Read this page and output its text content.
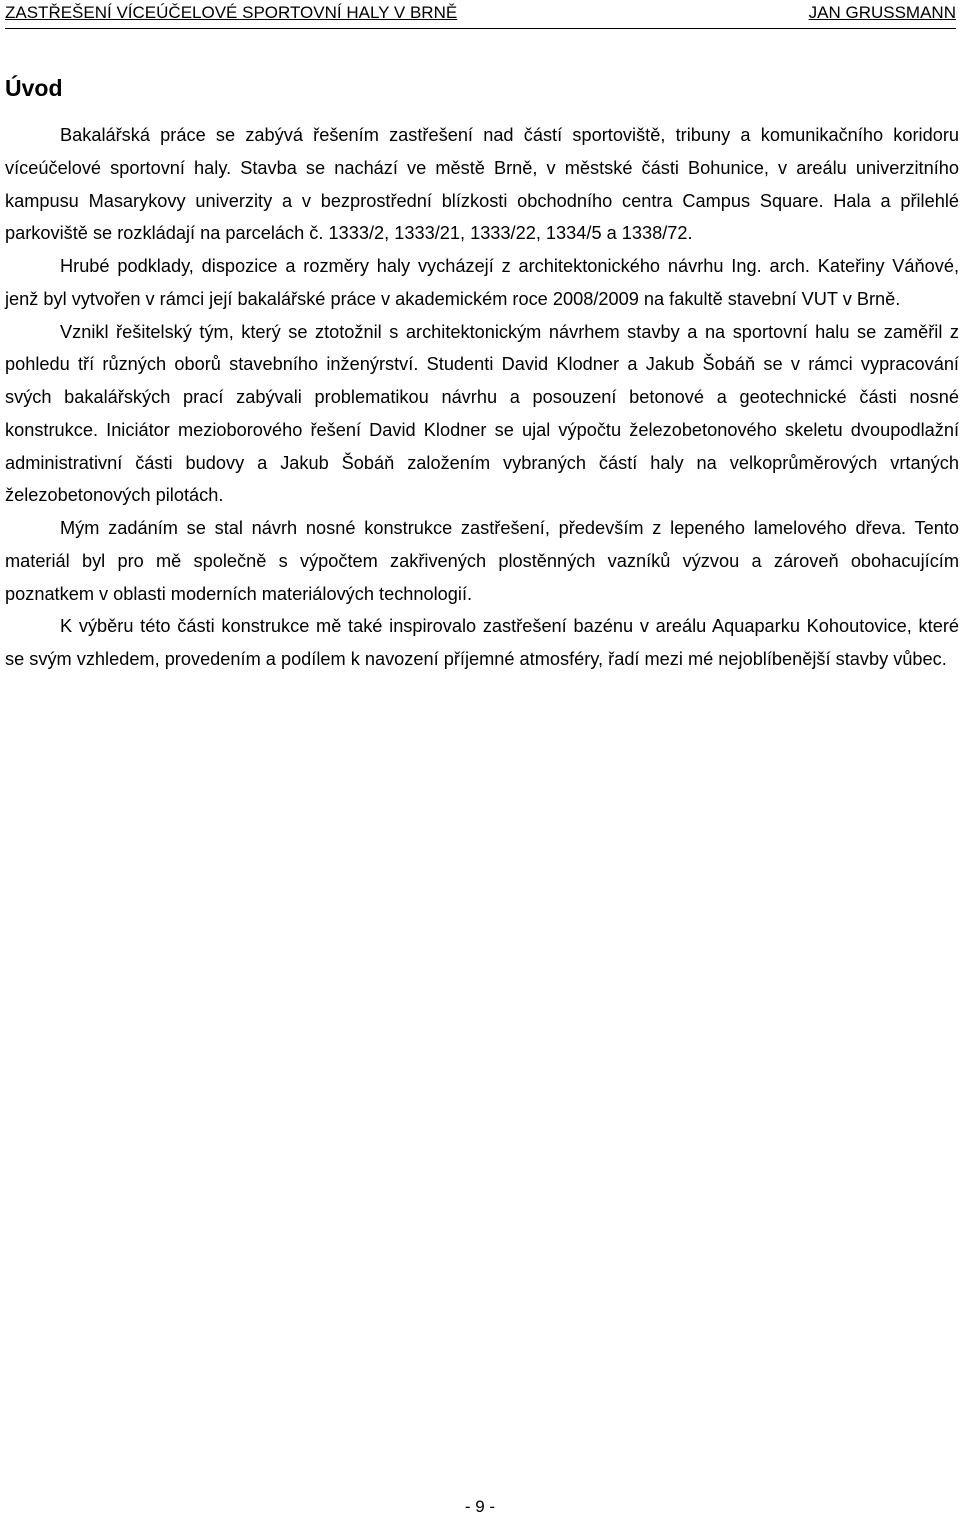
ZASTŘEŠENÍ VÍCEÚČELOVÉ SPORTOVNÍ HALY V BRNĚ	JAN GRUSSMANN
Úvod

Bakalářská práce se zabývá řešením zastřešení nad částí sportoviště, tribuny a komunikačního koridoru víceúčelové sportovní haly. Stavba se nachází ve městě Brně, v městské části Bohunice, v areálu univerzitního kampusu Masarykovy univerzity a v bezprostřední blízkosti obchodního centra Campus Square. Hala a přilehlé parkoviště se rozkládají na parcelách č. 1333/2, 1333/21, 1333/22, 1334/5 a 1338/72.

Hrubé podklady, dispozice a rozměry haly vycházejí z architektonického návrhu Ing. arch. Kateřiny Váňové, jenž byl vytvořen v rámci její bakalářské práce v akademickém roce 2008/2009 na fakultě stavební VUT v Brně.

Vznikl řešitelský tým, který se ztotožnil s architektonickým návrhem stavby a na sportovní halu se zaměřil z pohledu tří různých oborů stavebního inženýrství. Studenti David Klodner a Jakub Šobáň se v rámci vypracování svých bakalářských prací zabývali problematikou návrhu a posouzení betonové a geotechnické části nosné konstrukce. Iniciátor mezioborového řešení David Klodner se ujal výpočtu železobetonového skeletu dvoupodlažní administrativní části budovy a Jakub Šobáň založením vybraných částí haly na velkoprůměrových vrtaných železobetonových pilotách.

Mým zadáním se stal návrh nosné konstrukce zastřešení, především z lepeného lamelového dřeva. Tento materiál byl pro mě společně s výpočtem zakřivených plostěnných vazníků výzvou a zároveň obohacujícím poznatkem v oblasti moderních materiálových technologií.

K výběru této části konstrukce mě také inspirovalo zastřešení bazénu v areálu Aquaparku Kohoutovice, které se svým vzhledem, provedením a podílem k navození příjemné atmosféry, řadí mezi mé nejoblíbenější stavby vůbec.

- 9 -
